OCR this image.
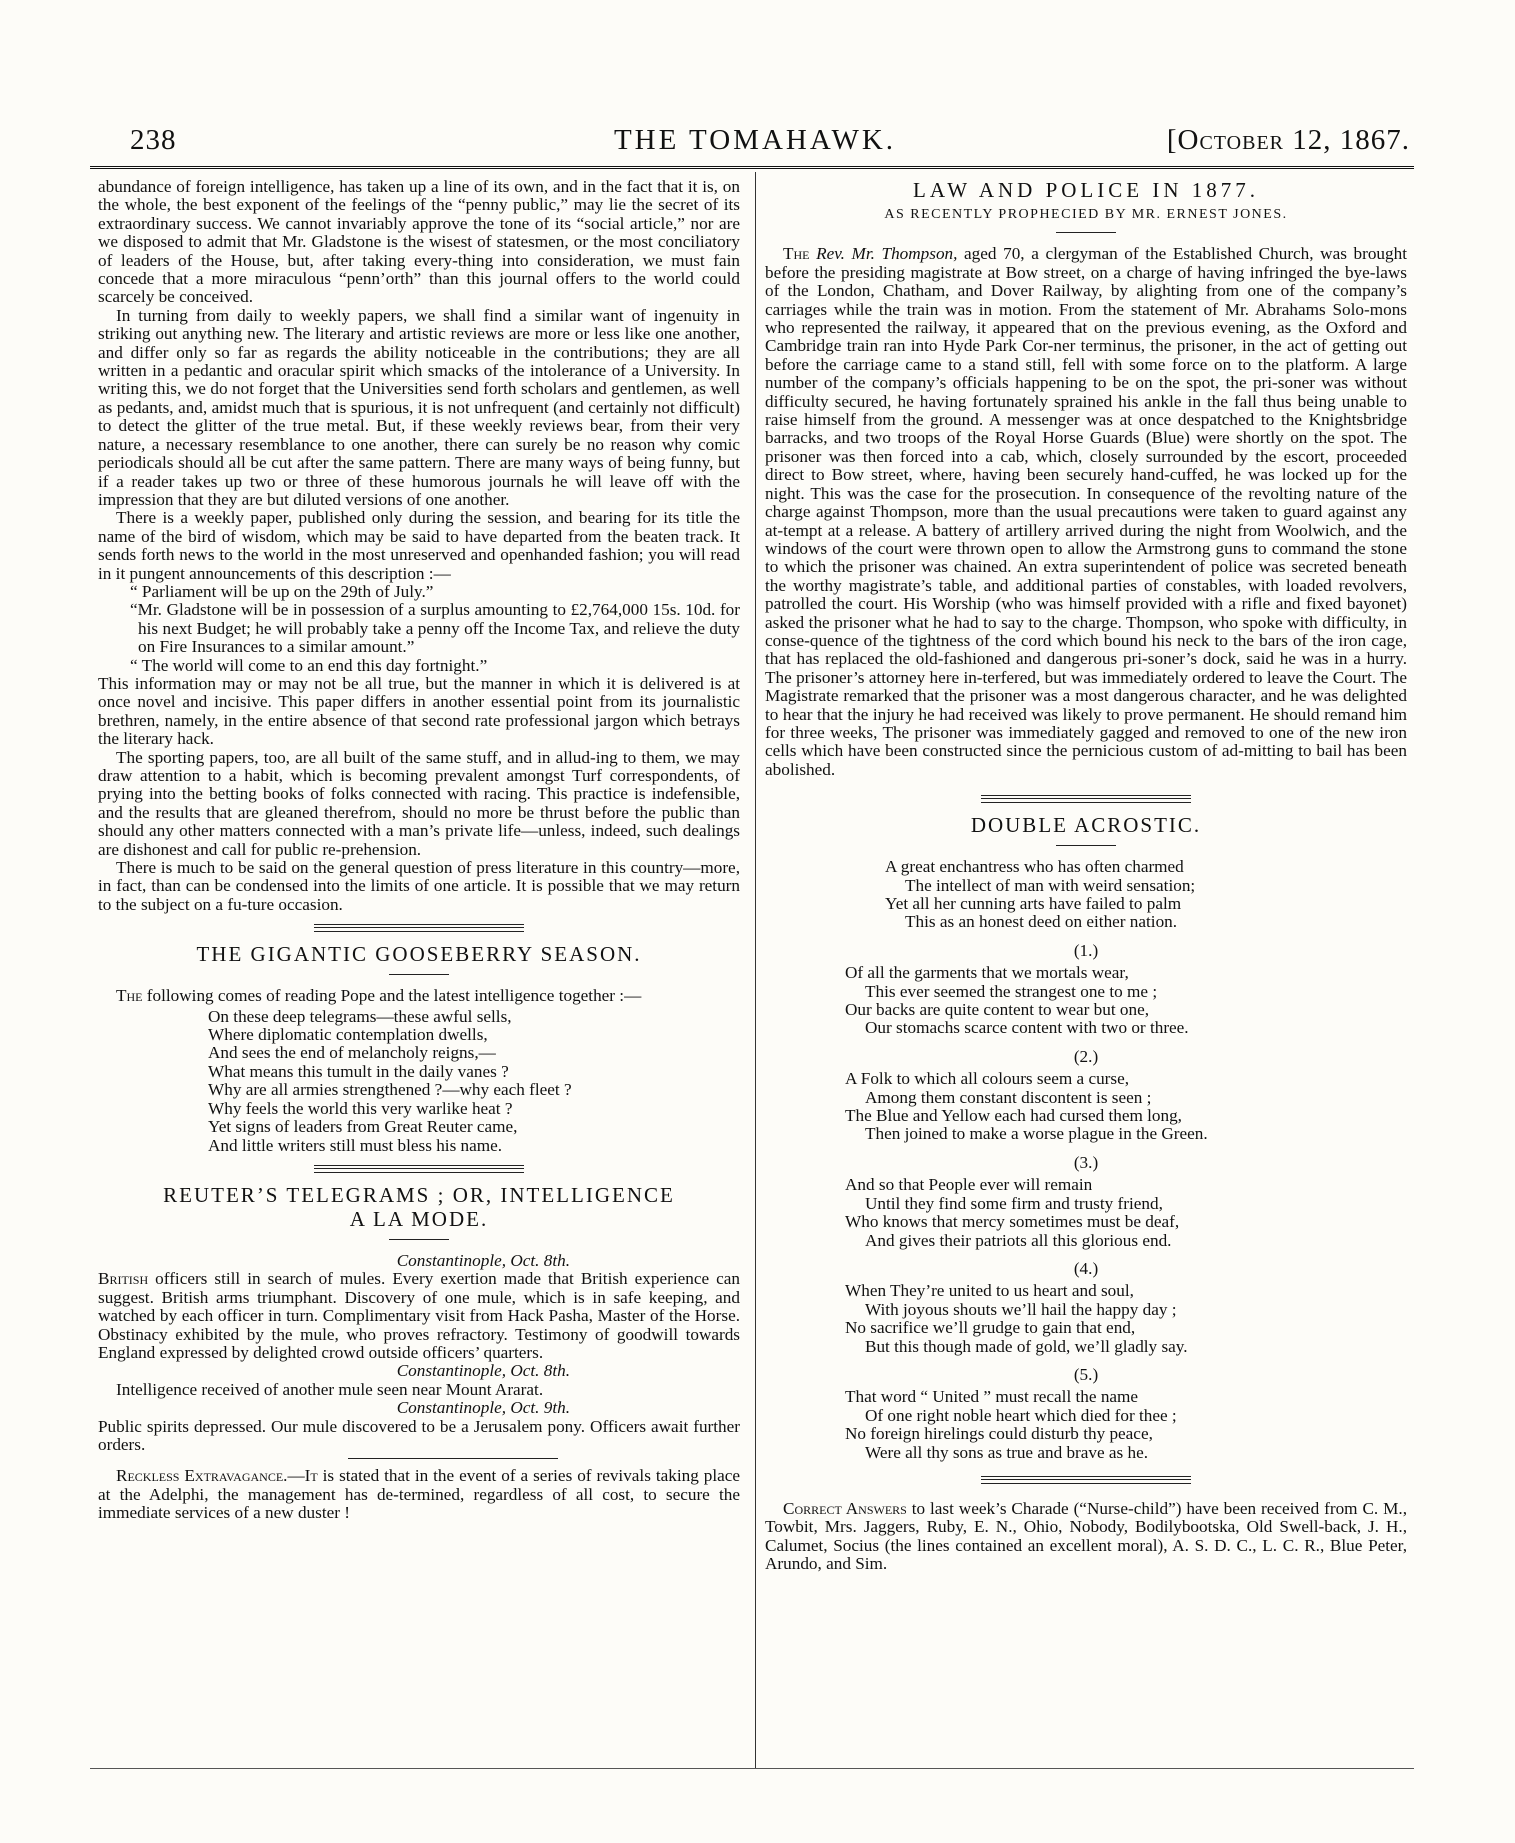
238	THE TOMAHAWK.	[October 12, 1867.

abundance of foreign intelligence, has taken up a line of its own, and in the fact that it is, on the whole, the best exponent of the feelings of the “penny public,” may lie the secret of its extraordinary success. We cannot invariably approve the tone of its “social article,” nor are we disposed to admit that Mr. Gladstone is the wisest of statesmen, or the most conciliatory of leaders of the House, but, after taking every-thing into consideration, we must fain concede that a more miraculous “penn’orth” than this journal offers to the world could scarcely be conceived.

In turning from daily to weekly papers, we shall find a similar want of ingenuity in striking out anything new. The literary and artistic reviews are more or less like one another, and differ only so far as regards the ability noticeable in the contributions; they are all written in a pedantic and oracular spirit which smacks of the intolerance of a University. In writing this, we do not forget that the Universities send forth scholars and gentlemen, as well as pedants, and, amidst much that is spurious, it is not unfrequent (and certainly not difficult) to detect the glitter of the true metal. But, if these weekly reviews bear, from their very nature, a necessary resemblance to one another, there can surely be no reason why comic periodicals should all be cut after the same pattern. There are many ways of being funny, but if a reader takes up two or three of these humorous journals he will leave off with the impression that they are but diluted versions of one another.

There is a weekly paper, published only during the session, and bearing for its title the name of the bird of wisdom, which may be said to have departed from the beaten track. It sends forth news to the world in the most unreserved and openhanded fashion; you will read in it pungent announcements of this description :—

“ Parliament will be up on the 29th of July.”

“Mr. Gladstone will be in possession of a surplus amounting to £2,764,000 15s. 10d. for his next Budget; he will probably take a penny off the Income Tax, and relieve the duty on Fire Insurances to a similar amount.”

“ The world will come to an end this day fortnight.”

This information may or may not be all true, but the manner in which it is delivered is at once novel and incisive. This paper differs in another essential point from its journalistic brethren, namely, in the entire absence of that second rate professional jargon which betrays the literary hack.

The sporting papers, too, are all built of the same stuff, and in allud-ing to them, we may draw attention to a habit, which is becoming prevalent amongst Turf correspondents, of prying into the betting books of folks connected with racing. This practice is indefensible, and the results that are gleaned therefrom, should no more be thrust before the public than should any other matters connected with a man’s private life—unless, indeed, such dealings are dishonest and call for public re-prehension.

There is much to be said on the general question of press literature in this country—more, in fact, than can be condensed into the limits of one article. It is possible that we may return to the subject on a fu-ture occasion.

THE GIGANTIC GOOSEBERRY SEASON.

The following comes of reading Pope and the latest intelligence together :—

On these deep telegrams—these awful sells,
Where diplomatic contemplation dwells,
And sees the end of melancholy reigns,—
What means this tumult in the daily vanes ?
Why are all armies strengthened ?—why each fleet ?
Why feels the world this very warlike heat ?
Yet signs of leaders from Great Reuter came,
And little writers still must bless his name.
REUTER’S TELEGRAMS ; OR, INTELLIGENCE
A LA MODE.
Constantinople, Oct. 8th.

British officers still in search of mules. Every exertion made that British experience can suggest. British arms triumphant. Discovery of one mule, which is in safe keeping, and watched by each officer in turn. Complimentary visit from Hack Pasha, Master of the Horse. Obstinacy exhibited by the mule, who proves refractory. Testimony of goodwill towards England expressed by delighted crowd outside officers’ quarters.

Constantinople, Oct. 8th.

Intelligence received of another mule seen near Mount Ararat.

Constantinople, Oct. 9th.

Public spirits depressed. Our mule discovered to be a Jerusalem pony. Officers await further orders.

Reckless Extravagance.—It is stated that in the event of a series of revivals taking place at the Adelphi, the management has de-termined, regardless of all cost, to secure the immediate services of a new duster !

LAW AND POLICE IN 1877.
AS RECENTLY PROPHECIED BY MR. ERNEST JONES.

The Rev. Mr. Thompson, aged 70, a clergyman of the Established Church, was brought before the presiding magistrate at Bow street, on a charge of having infringed the bye-laws of the London, Chatham, and Dover Railway, by alighting from one of the company’s carriages while the train was in motion. From the statement of Mr. Abrahams Solo-mons who represented the railway, it appeared that on the previous evening, as the Oxford and Cambridge train ran into Hyde Park Cor-ner terminus, the prisoner, in the act of getting out before the carriage came to a stand still, fell with some force on to the platform. A large number of the company’s officials happening to be on the spot, the pri-soner was without difficulty secured, he having fortunately sprained his ankle in the fall thus being unable to raise himself from the ground. A messenger was at once despatched to the Knightsbridge barracks, and two troops of the Royal Horse Guards (Blue) were shortly on the spot. The prisoner was then forced into a cab, which, closely surrounded by the escort, proceeded direct to Bow street, where, having been securely hand-cuffed, he was locked up for the night. This was the case for the prosecution. In consequence of the revolting nature of the charge against Thompson, more than the usual precautions were taken to guard against any at-tempt at a release. A battery of artillery arrived during the night from Woolwich, and the windows of the court were thrown open to allow the Armstrong guns to command the stone to which the prisoner was chained. An extra superintendent of police was secreted beneath the worthy magistrate’s table, and additional parties of constables, with loaded revolvers, patrolled the court. His Worship (who was himself provided with a rifle and fixed bayonet) asked the prisoner what he had to say to the charge. Thompson, who spoke with difficulty, in conse-quence of the tightness of the cord which bound his neck to the bars of the iron cage, that has replaced the old-fashioned and dangerous pri-soner’s dock, said he was in a hurry. The prisoner’s attorney here in-terfered, but was immediately ordered to leave the Court. The Magistrate remarked that the prisoner was a most dangerous character, and he was delighted to hear that the injury he had received was likely to prove permanent. He should remand him for three weeks, The prisoner was immediately gagged and removed to one of the new iron cells which have been constructed since the pernicious custom of ad-mitting to bail has been abolished.

DOUBLE ACROSTIC.
A great enchantress who has often charmed
The intellect of man with weird sensation;
Yet all her cunning arts have failed to palm
This as an honest deed on either nation.
(1.)
Of all the garments that we mortals wear,
This ever seemed the strangest one to me ;
Our backs are quite content to wear but one,
Our stomachs scarce content with two or three.
(2.)
A Folk to which all colours seem a curse,
Among them constant discontent is seen ;
The Blue and Yellow each had cursed them long,
Then joined to make a worse plague in the Green.
(3.)
And so that People ever will remain
Until they find some firm and trusty friend,
Who knows that mercy sometimes must be deaf,
And gives their patriots all this glorious end.
(4.)
When They’re united to us heart and soul,
With joyous shouts we’ll hail the happy day ;
No sacrifice we’ll grudge to gain that end,
But this though made of gold, we’ll gladly say.
(5.)
That word “ United ” must recall the name
Of one right noble heart which died for thee ;
No foreign hirelings could disturb thy peace,
Were all thy sons as true and brave as he.

Correct Answers to last week’s Charade (“Nurse-child”) have been received from C. M., Towbit, Mrs. Jaggers, Ruby, E. N., Ohio, Nobody, Bodilybootska, Old Swell-back, J. H., Calumet, Socius (the lines contained an excellent moral), A. S. D. C., L. C. R., Blue Peter, Arundo, and Sim.
